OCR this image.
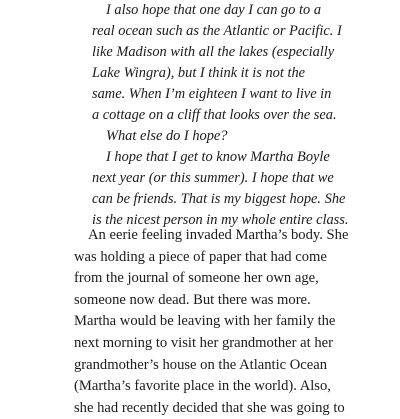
I also hope that one day I can go to a
real ocean such as the Atlantic or Pacific. I
like Madison with all the lakes (especially
Lake Wingra), but I think it is not the
same. When I’m eighteen I want to live in
a cottage on a cliff that looks over the sea.
What else do I hope?
I hope that I get to know Martha Boyle
next year (or this summer). I hope that we
can be friends. That is my biggest hope. She
is the nicest person in my whole entire class.
An eerie feeling invaded Martha’s body. She
was holding a piece of paper that had come
from the journal of someone her own age,
someone now dead. But there was more.
Martha would be leaving with her family the
next morning to visit her grandmother at her
grandmother’s house on the Atlantic Ocean
(Martha’s favorite place in the world). Also,
she had recently decided that she was going to
